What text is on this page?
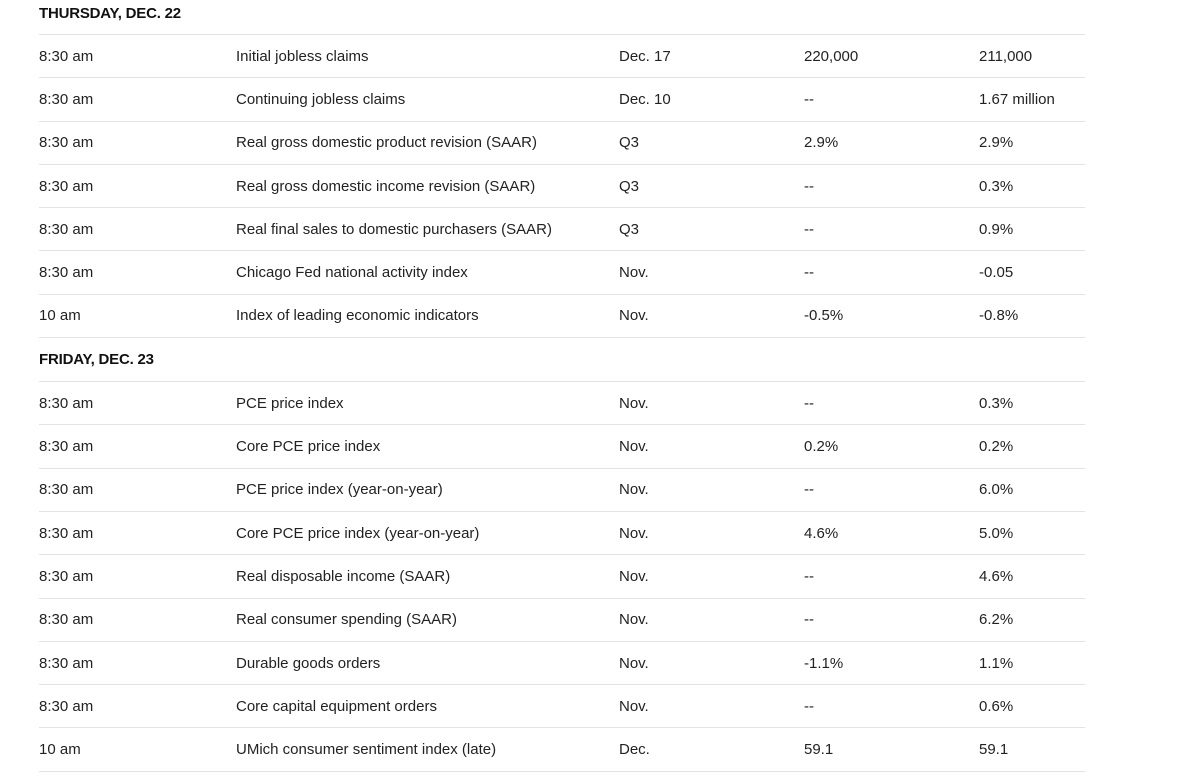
THURSDAY, DEC. 22
8:30 am	Initial jobless claims	Dec. 17	220,000	211,000
8:30 am	Continuing jobless claims	Dec. 10	--	1.67 million
8:30 am	Real gross domestic product revision (SAAR)	Q3	2.9%	2.9%
8:30 am	Real gross domestic income revision (SAAR)	Q3	--	0.3%
8:30 am	Real final sales to domestic purchasers (SAAR)	Q3	--	0.9%
8:30 am	Chicago Fed national activity index	Nov.	--	-0.05
10 am	Index of leading economic indicators	Nov.	-0.5%	-0.8%
FRIDAY, DEC. 23
8:30 am	PCE price index	Nov.	--	0.3%
8:30 am	Core PCE price index	Nov.	0.2%	0.2%
8:30 am	PCE price index (year-on-year)	Nov.	--	6.0%
8:30 am	Core PCE price index (year-on-year)	Nov.	4.6%	5.0%
8:30 am	Real disposable income (SAAR)	Nov.	--	4.6%
8:30 am	Real consumer spending (SAAR)	Nov.	--	6.2%
8:30 am	Durable goods orders	Nov.	-1.1%	1.1%
8:30 am	Core capital equipment orders	Nov.	--	0.6%
10 am	UMich consumer sentiment index (late)	Dec.	59.1	59.1
